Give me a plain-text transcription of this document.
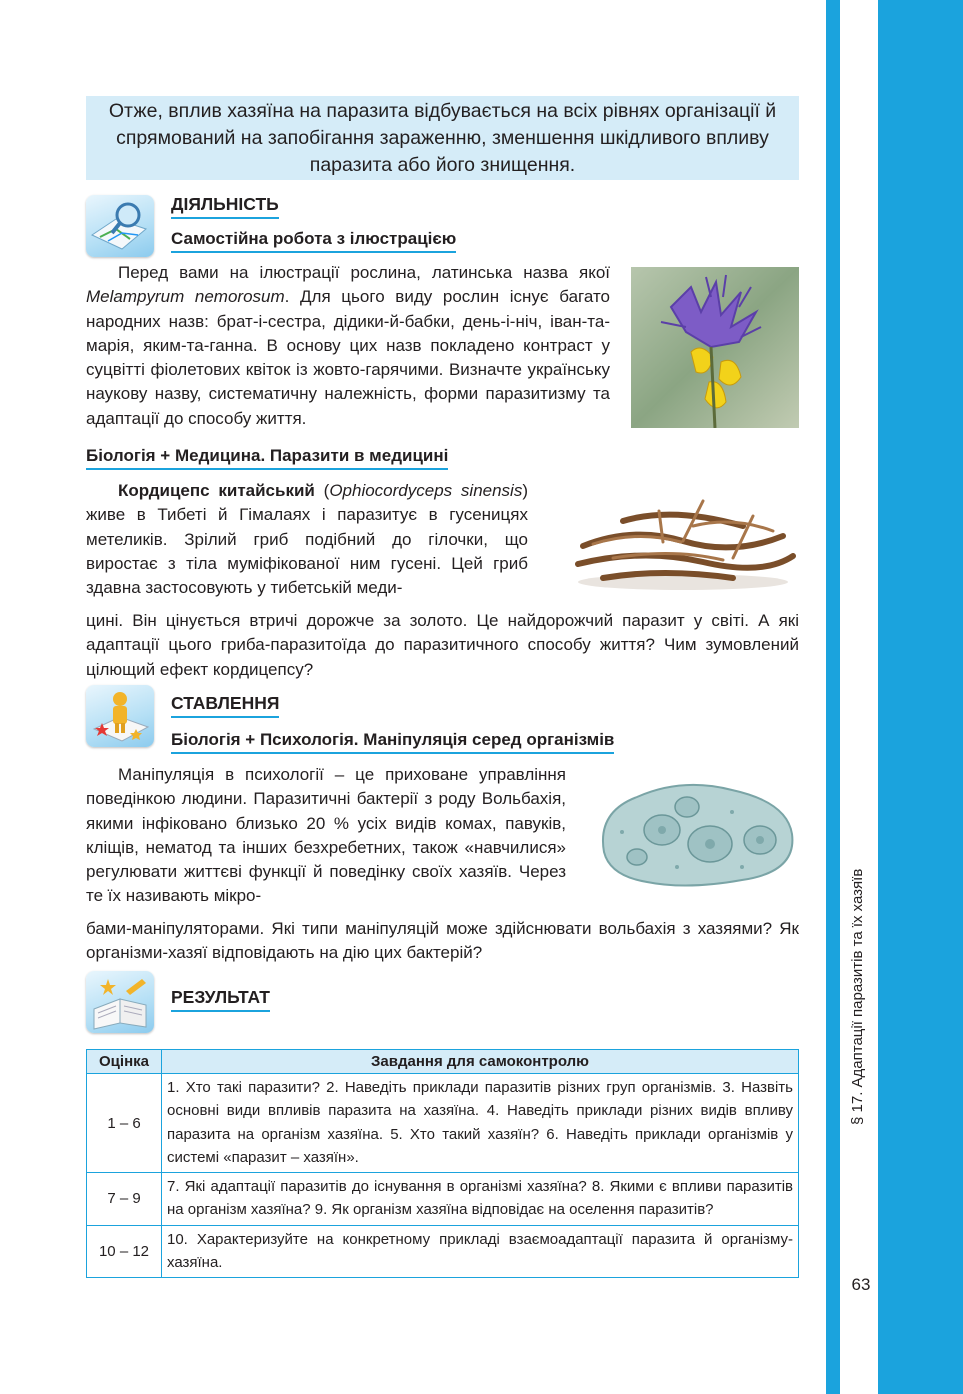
§ 17. Адаптації паразитів та їх хазяїв
63
Отже, вплив хазяїна на паразита відбувається на всіх рівнях організації й спрямований на запобігання зараженню, зменшення шкідливого впливу паразита або його знищення.
ДІЯЛЬНІСТЬ
Самостійна робота з ілюстрацією

Перед вами на ілюстрації рослина, латинська назва якої Melampyrum nemorosum. Для цього виду рослин існує багато народних назв: брат-і-сестра, дідики-й-бабки, день-і-ніч, іван-та-марія, яким-та-ганна. В основу цих назв покладено контраст у суцвітті фіолетових квіток із жовто-гарячими. Визначте українську наукову назву, систематичну належність, форми паразитизму та адаптації до способу життя.

Біологія + Медицина. Паразити в медицині

Кордицепс китайський (Ophiocordyceps sinensis) живе в Тибеті й Гімалаях і паразитує в гусеницях метеликів. Зрілий гриб подібний до гілочки, що виростає з тіла муміфікованої ним гусені. Цей гриб здавна застосовують у тибетській меди-

цині. Він цінується втричі дорожче за золото. Це найдорожчий паразит у світі. А які адаптації цього гриба-паразитоїда до паразитичного способу життя? Чим зумовлений цілющий ефект кордицепсу?

СТАВЛЕННЯ
Біологія + Психологія. Маніпуляція серед організмів

Маніпуляція в психології – це приховане управління поведінкою людини. Паразитичні бактерії з роду Вольбахія, якими інфіковано близько 20 % усіх видів комах, павуків, кліщів, нематод та інших безхребетних, також «навчилися» регулювати життєві функції й поведінку своїх хазяїв. Через те їх називають мікро-

бами-маніпуляторами. Які типи маніпуляцій може здійснювати вольбахія з хазяями? Як організми-хазяї відповідають на дію цих бактерій?

РЕЗУЛЬТАТ
Оцінка	Завдання для самоконтролю
1 – 6	1. Хто такі паразити? 2. Наведіть приклади паразитів різних груп організмів. 3. Назвіть основні види впливів паразита на хазяїна. 4. Наведіть приклади різних видів впливу паразита на організм хазяїна. 5. Хто такий хазяїн? 6. Наведіть приклади організмів у системі «паразит – хазяїн».
7 – 9	7. Які адаптації паразитів до існування в організмі хазяїна? 8. Якими є впливи паразитів на організм хазяїна? 9. Як організм хазяїна відповідає на оселення паразитів?
10 – 12	10. Характеризуйте на конкретному прикладі взаємоадаптації паразита й організму-хазяїна.
